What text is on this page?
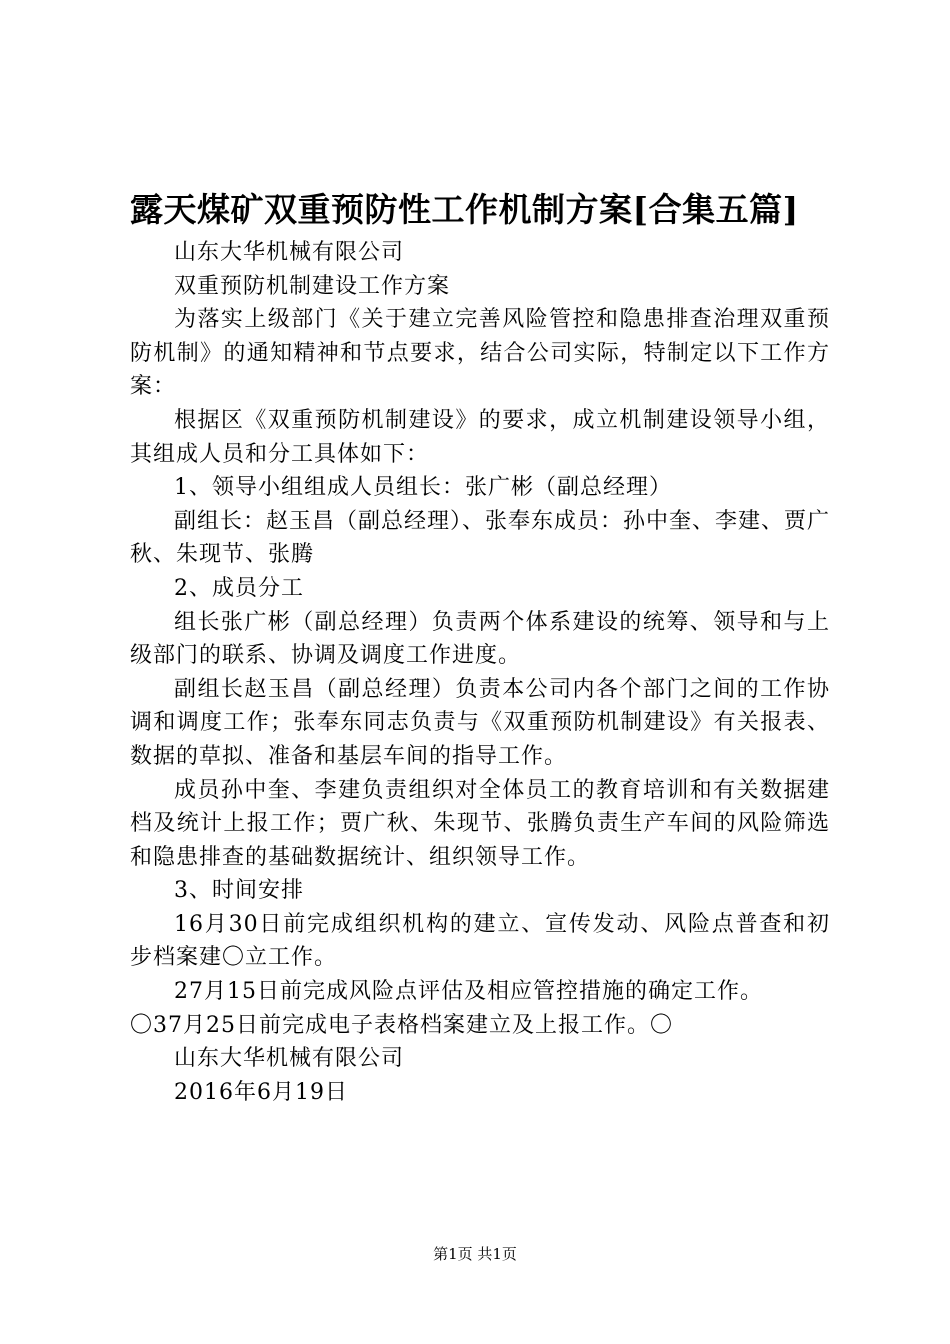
露天煤矿双重预防性工作机制方案[合集五篇]

山东大华机械有限公司

双重预防机制建设工作方案

为落实上级部门《关于建立完善风险管控和隐患排查治理双重预防机制》的通知精神和节点要求，结合公司实际，特制定以下工作方案：

根据区《双重预防机制建设》的要求，成立机制建设领导小组，其组成人员和分工具体如下：

1、领导小组组成人员组长：张广彬（副总经理）

副组长：赵玉昌（副总经理）、张奉东成员：孙中奎、李建、贾广秋、朱现节、张腾

2、成员分工

组长张广彬（副总经理）负责两个体系建设的统筹、领导和与上级部门的联系、协调及调度工作进度。

副组长赵玉昌（副总经理）负责本公司内各个部门之间的工作协调和调度工作；张奉东同志负责与《双重预防机制建设》有关报表、数据的草拟、准备和基层车间的指导工作。

成员孙中奎、李建负责组织对全体员工的教育培训和有关数据建档及统计上报工作；贾广秋、朱现节、张腾负责生产车间的风险筛选和隐患排查的基础数据统计、组织领导工作。

3、时间安排

16月30日前完成组织机构的建立、宣传发动、风险点普查和初步档案建〇立工作。

27月15日前完成风险点评估及相应管控措施的确定工作。

〇37月25日前完成电子表格档案建立及上报工作。〇

山东大华机械有限公司

2016年6月19日

第1页 共1页
